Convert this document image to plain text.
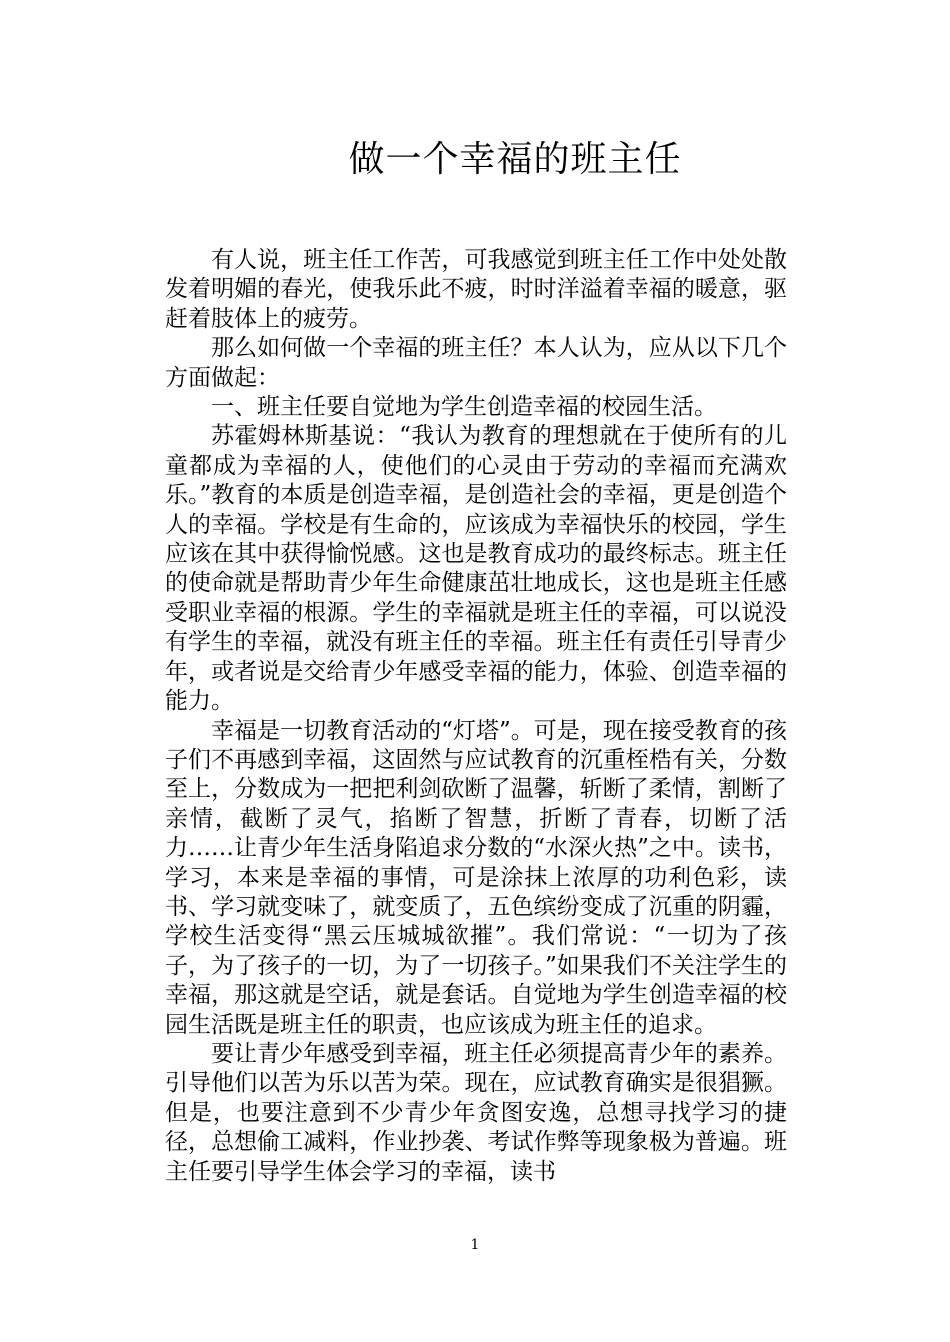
做一个幸福的班主任

有人说，班主任工作苦，可我感觉到班主任工作中处处散发着明媚的春光，使我乐此不疲，时时洋溢着幸福的暖意，驱赶着肢体上的疲劳。

那么如何做一个幸福的班主任？本人认为，应从以下几个方面做起：

一、班主任要自觉地为学生创造幸福的校园生活。

苏霍姆林斯基说：“我认为教育的理想就在于使所有的儿童都成为幸福的人，使他们的心灵由于劳动的幸福而充满欢乐。”教育的本质是创造幸福，是创造社会的幸福，更是创造个人的幸福。学校是有生命的，应该成为幸福快乐的校园，学生应该在其中获得愉悦感。这也是教育成功的最终标志。班主任的使命就是帮助青少年生命健康茁壮地成长，这也是班主任感受职业幸福的根源。学生的幸福就是班主任的幸福，可以说没有学生的幸福，就没有班主任的幸福。班主任有责任引导青少年，或者说是交给青少年感受幸福的能力，体验、创造幸福的能力。

幸福是一切教育活动的“灯塔”。可是，现在接受教育的孩子们不再感到幸福，这固然与应试教育的沉重桎梏有关，分数至上，分数成为一把把利剑砍断了温馨，斩断了柔情，割断了亲情，截断了灵气，掐断了智慧，折断了青春，切断了活力……让青少年生活身陷追求分数的“水深火热”之中。读书，学习，本来是幸福的事情，可是涂抹上浓厚的功利色彩，读书、学习就变味了，就变质了，五色缤纷变成了沉重的阴霾，学校生活变得“黑云压城城欲摧”。我们常说：“一切为了孩子，为了孩子的一切，为了一切孩子。”如果我们不关注学生的幸福，那这就是空话，就是套话。自觉地为学生创造幸福的校园生活既是班主任的职责，也应该成为班主任的追求。

要让青少年感受到幸福，班主任必须提高青少年的素养。引导他们以苦为乐以苦为荣。现在，应试教育确实是很猖獗。但是，也要注意到不少青少年贪图安逸，总想寻找学习的捷径，总想偷工减料，作业抄袭、考试作弊等现象极为普遍。班主任要引导学生体会学习的幸福，读书

1
